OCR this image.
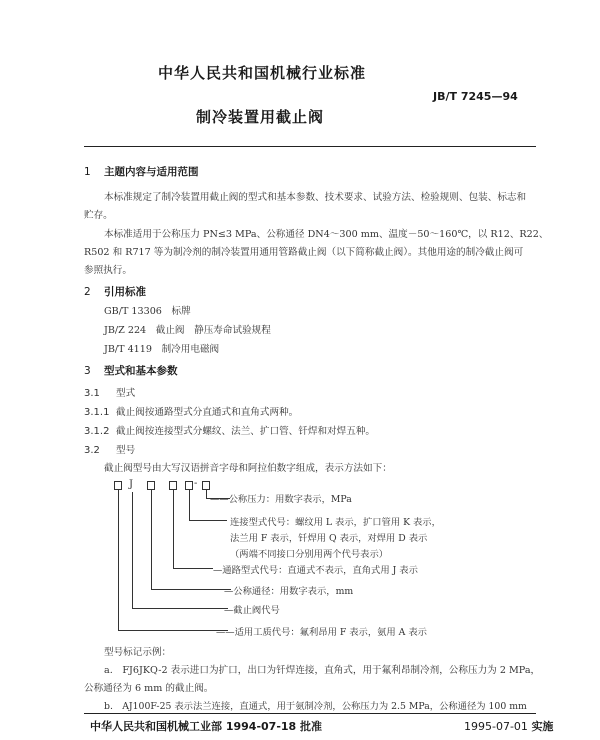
中华人民共和国机械行业标准
JB/T 7245—94
制冷装置用截止阀
1 主题内容与适用范围
本标准规定了制冷装置用截止阀的型式和基本参数、技术要求、试验方法、检验规则、包装、标志和
贮存。
本标准适用于公称压力 PN≤3 MPa、公称通径 DN4～300 mm、温度－50～160℃，以 R12、R22、
R502 和 R717 等为制冷剂的制冷装置用通用管路截止阀（以下简称截止阀）。其他用途的制冷截止阀可
参照执行。
2 引用标准
GB/T 13306　标牌
JB/Z 224　截止阀　静压寿命试验规程
JB/T 4119　制冷用电磁阀
3 型式和基本参数
3.1 型式
3.1.1 截止阀按通路型式分直通式和直角式两种。
3.1.2 截止阀按连接型式分螺纹、法兰、扩口管、钎焊和对焊五种。
3.2 型号
截止阀型号由大写汉语拼音字母和阿拉伯数字组成，表示方法如下：
J	-
——公称压力：用数字表示，MPa
连接型式代号：螺纹用 L 表示，扩口管用 K 表示，
法兰用 F 表示，钎焊用 Q 表示，对焊用 D 表示
（两端不同接口分别用两个代号表示）
—通路型式代号：直通式不表示，直角式用 J 表示
—公称通径：用数字表示，mm
—截止阀代号
——适用工质代号：氟利昂用 F 表示，氨用 A 表示
型号标记示例：
a.　FJ6JKQ-2 表示进口为扩口，出口为钎焊连接，直角式，用于氟利昂制冷剂，公称压力为 2 MPa，
公称通径为 6 mm 的截止阀。
b.　AJ100F-25 表示法兰连接，直通式，用于氨制冷剂，公称压力为 2.5 MPa，公称通径为 100 mm
中华人民共和国机械工业部 1994-07-18 批准	1995-07-01 实施
